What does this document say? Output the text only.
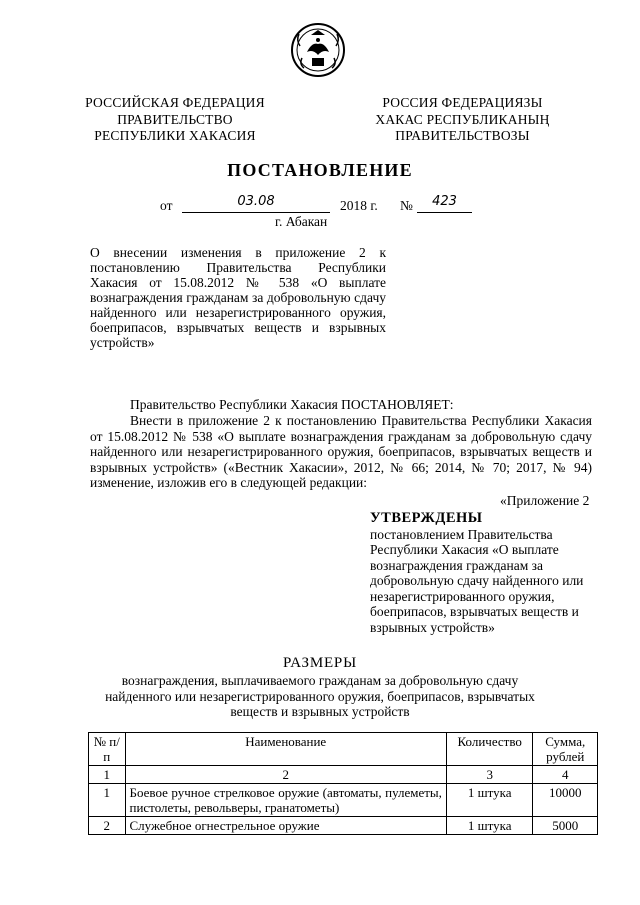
РОССИЙСКАЯ ФЕДЕРАЦИЯ
ПРАВИТЕЛЬСТВО
РЕСПУБЛИКИ ХАКАСИЯ
РОССИЯ ФЕДЕРАЦИЯЗЫ
ХАКАС РЕСПУБЛИКАНЫҢ
ПРАВИТЕЛЬСТВОЗЫ
ПОСТАНОВЛЕНИЕ
от	03.08	2018 г. №	423
г. Абакан
О внесении изменения в приложение 2 к постановлению Правительства Республики Хакасия от 15.08.2012 № 538 «О выплате вознаграждения гражданам за добровольную сдачу найденного или незарегистрированного оружия, боеприпасов, взрывчатых веществ и взрывных устройств»
Правительство Республики Хакасия ПОСТАНОВЛЯЕТ:
Внести в приложение 2 к постановлению Правительства Республики Хакасия от 15.08.2012 № 538 «О выплате вознаграждения гражданам за добровольную сдачу найденного или незарегистрированного оружия, боеприпасов, взрывчатых веществ и взрывных устройств» («Вестник Хакасии», 2012, № 66; 2014, № 70; 2017, № 94) изменение, изложив его в следующей редакции:
«Приложение 2
УТВЕРЖДЕНЫ
постановлением Правительства Республики Хакасия «О выплате вознаграждения гражданам за добровольную сдачу найденного или незарегистрированного оружия, боеприпасов, взрывчатых веществ и взрывных устройств»
РАЗМЕРЫ
вознаграждения, выплачиваемого гражданам за добровольную сдачу найденного или незарегистрированного оружия, боеприпасов, взрывчатых веществ и взрывных устройств
№ п/п	Наименование	Количество	Сумма, рублей
1	2	3	4
1	Боевое ручное стрелковое оружие (автоматы, пулеметы, пистолеты, револьверы, гранатометы)	1 штука	10000
2	Служебное огнестрельное оружие	1 штука	5000
